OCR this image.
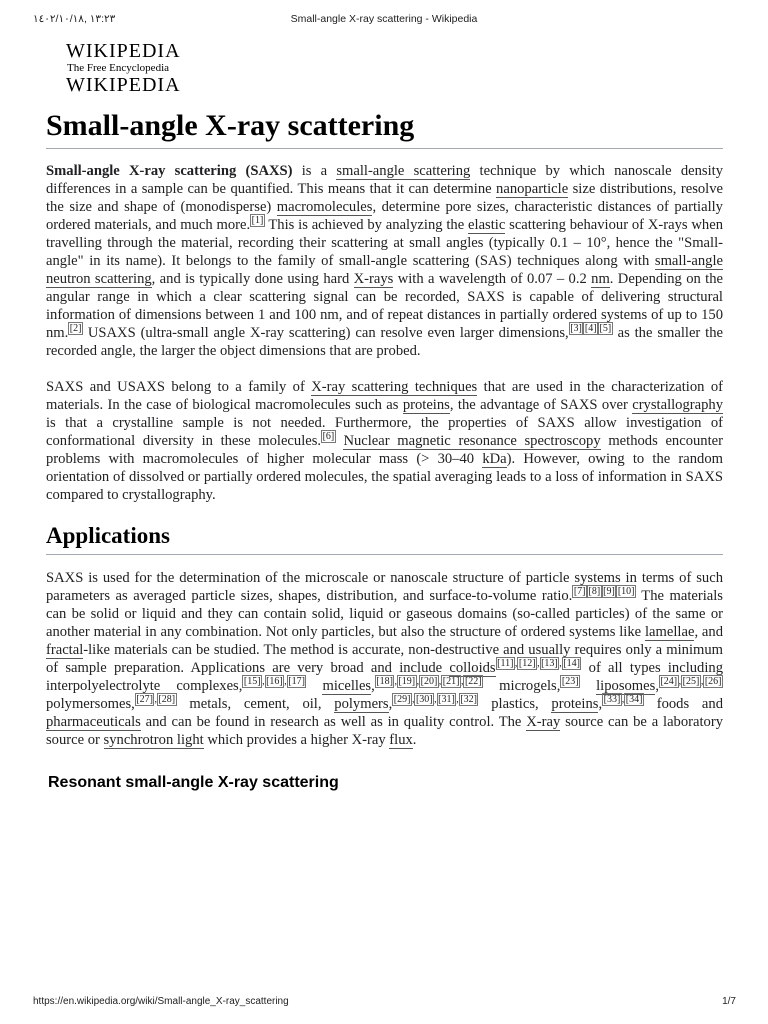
١٣:٢٣ ,١٤٠٢/١٠/١٨	Small-angle X-ray scattering - Wikipedia
WIKIPEDIA
The Free Encyclopedia
WIKIPEDIA
Small-angle X-ray scattering

Small-angle X-ray scattering (SAXS) is a small-angle scattering technique by which nanoscale density differences in a sample can be quantified. This means that it can determine nanoparticle size distributions, resolve the size and shape of (monodisperse) macromolecules, determine pore sizes, characteristic distances of partially ordered materials, and much more. [1] This is achieved by analyzing the elastic scattering behaviour of X-rays when travelling through the material, recording their scattering at small angles (typically 0.1 – 10°, hence the "Small-angle" in its name). It belongs to the family of small-angle scattering (SAS) techniques along with small-angle neutron scattering, and is typically done using hard X-rays with a wavelength of 0.07 – 0.2 nm. Depending on the angular range in which a clear scattering signal can be recorded, SAXS is capable of delivering structural information of dimensions between 1 and 100 nm, and of repeat distances in partially ordered systems of up to 150 nm. [2] USAXS (ultra-small angle X-ray scattering) can resolve even larger dimensions, [3] [4] [5] as the smaller the recorded angle, the larger the object dimensions that are probed.

SAXS and USAXS belong to a family of X-ray scattering techniques that are used in the characterization of materials. In the case of biological macromolecules such as proteins, the advantage of SAXS over crystallography is that a crystalline sample is not needed. Furthermore, the properties of SAXS allow investigation of conformational diversity in these molecules. [6] Nuclear magnetic resonance spectroscopy methods encounter problems with macromolecules of higher molecular mass (> 30–40 kDa). However, owing to the random orientation of dissolved or partially ordered molecules, the spatial averaging leads to a loss of information in SAXS compared to crystallography.

Applications

SAXS is used for the determination of the microscale or nanoscale structure of particle systems in terms of such parameters as averaged particle sizes, shapes, distribution, and surface-to-volume ratio. [7] [8] [9] [10] The materials can be solid or liquid and they can contain solid, liquid or gaseous domains (so-called particles) of the same or another material in any combination. Not only particles, but also the structure of ordered systems like lamellae, and fractal-like materials can be studied. The method is accurate, non-destructive and usually requires only a minimum of sample preparation. Applications are very broad and include colloids [11] , [12] , [13] , [14] of all types including interpolyelectrolyte complexes, [15] , [16] , [17] micelles, [18] , [19] , [20] , [21] , [22] microgels, [23] liposomes, [24] , [25] , [26] polymersomes, [27] , [28] metals, cement, oil, polymers, [29] , [30] , [31] , [32] plastics, proteins, [33] , [34] foods and pharmaceuticals and can be found in research as well as in quality control. The X-ray source can be a laboratory source or synchrotron light which provides a higher X-ray flux.

Resonant small-angle X-ray scattering
https://en.wikipedia.org/wiki/Small-angle_X-ray_scattering	1/7
